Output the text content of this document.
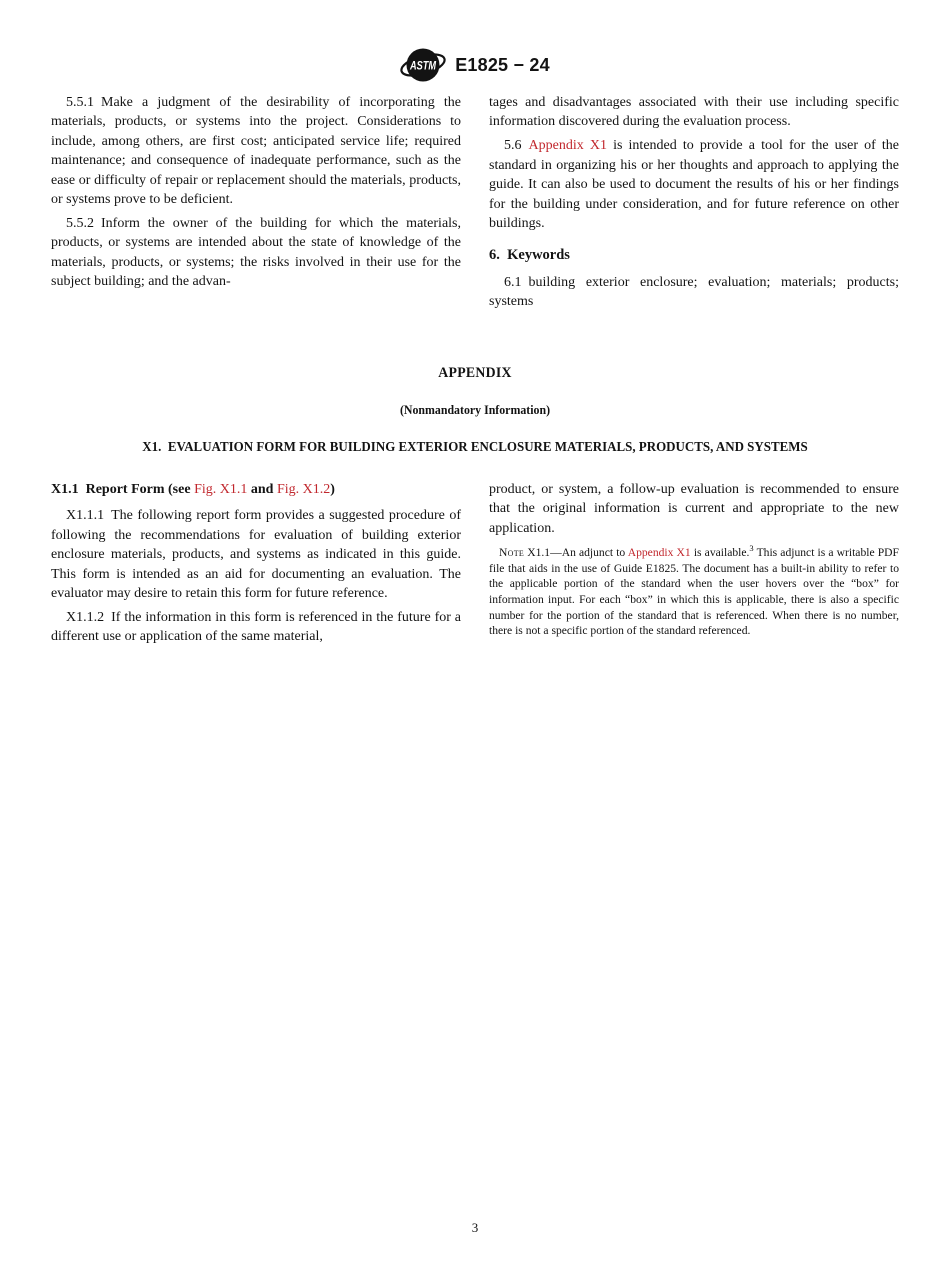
ASTM E1825 − 24

5.5.1 Make a judgment of the desirability of incorporating the materials, products, or systems into the project. Considerations to include, among others, are first cost; anticipated service life; required maintenance; and consequence of inadequate performance, such as the ease or difficulty of repair or replacement should the materials, products, or systems prove to be deficient.

5.5.2 Inform the owner of the building for which the materials, products, or systems are intended about the state of knowledge of the materials, products, or systems; the risks involved in their use for the subject building; and the advan-

tages and disadvantages associated with their use including specific information discovered during the evaluation process.

5.6 Appendix X1 is intended to provide a tool for the user of the standard in organizing his or her thoughts and approach to applying the guide. It can also be used to document the results of his or her findings for the building under consideration, and for future reference on other buildings.

6. Keywords

6.1 building exterior enclosure; evaluation; materials; products; systems

APPENDIX
(Nonmandatory Information)
X1. EVALUATION FORM FOR BUILDING EXTERIOR ENCLOSURE MATERIALS, PRODUCTS, AND SYSTEMS
X1.1 Report Form (see Fig. X1.1 and Fig. X1.2)

X1.1.1 The following report form provides a suggested procedure of following the recommendations for evaluation of building exterior enclosure materials, products, and systems as indicated in this guide. This form is intended as an aid for documenting an evaluation. The evaluator may desire to retain this form for future reference.

X1.1.2 If the information in this form is referenced in the future for a different use or application of the same material,

product, or system, a follow-up evaluation is recommended to ensure that the original information is current and appropriate to the new application.

Note X1.1—An adjunct to Appendix X1 is available.$^3$ This adjunct is a writable PDF file that aids in the use of Guide E1825. The document has a built-in ability to refer to the applicable portion of the standard when the user hovers over the “box” for information input. For each “box” in which this is applicable, there is also a specific number for the portion of the standard that is referenced. When there is no number, there is not a specific portion of the standard referenced.

3
